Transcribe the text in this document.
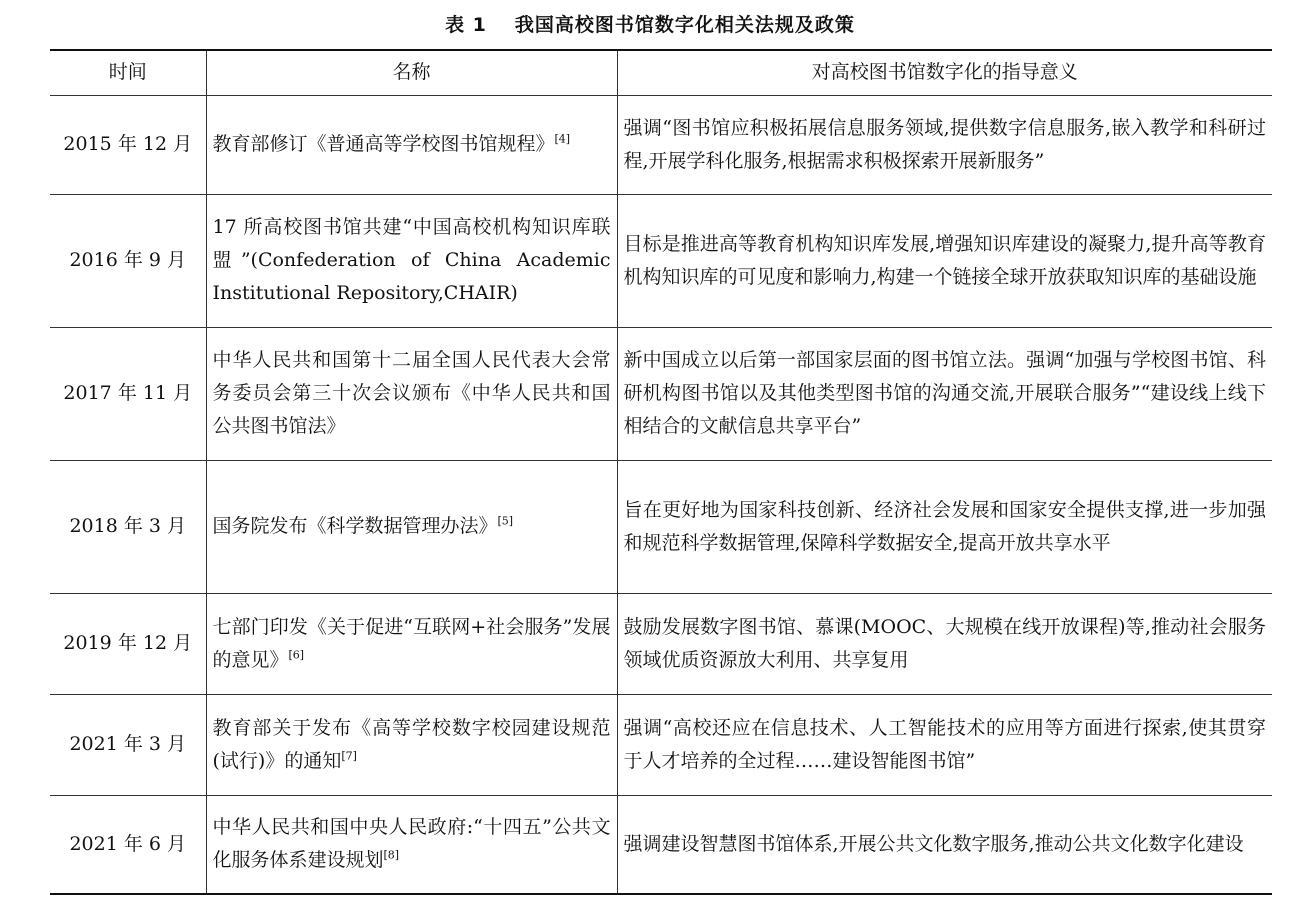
表 1 我国高校图书馆数字化相关法规及政策
时间	名称	对高校图书馆数字化的指导意义
2015 年 12 月	教育部修订《普通高等学校图书馆规程》[4]	强调“图书馆应积极拓展信息服务领域,提供数字信息服务,嵌入教学和科研过程,开展学科化服务,根据需求积极探索开展新服务”
2016 年 9 月	17 所高校图书馆共建“中国高校机构知识库联盟”(Confederation of China Academic Institutional Repository,CHAIR)	目标是推进高等教育机构知识库发展,增强知识库建设的凝聚力,提升高等教育机构知识库的可见度和影响力,构建一个链接全球开放获取知识库的基础设施
2017 年 11 月	中华人民共和国第十二届全国人民代表大会常务委员会第三十次会议颁布《中华人民共和国公共图书馆法》	新中国成立以后第一部国家层面的图书馆立法。强调“加强与学校图书馆、科研机构图书馆以及其他类型图书馆的沟通交流,开展联合服务”“建设线上线下相结合的文献信息共享平台”
2018 年 3 月	国务院发布《科学数据管理办法》[5]	旨在更好地为国家科技创新、经济社会发展和国家安全提供支撑,进一步加强和规范科学数据管理,保障科学数据安全,提高开放共享水平
2019 年 12 月	七部门印发《关于促进“互联网+社会服务”发展的意见》[6]	鼓励发展数字图书馆、慕课(MOOC、大规模在线开放课程)等,推动社会服务领域优质资源放大利用、共享复用
2021 年 3 月	教育部关于发布《高等学校数字校园建设规范(试行)》的通知[7]	强调“高校还应在信息技术、人工智能技术的应用等方面进行探索,使其贯穿于人才培养的全过程……建设智能图书馆”
2021 年 6 月	中华人民共和国中央人民政府:“十四五”公共文化服务体系建设规划[8]	强调建设智慧图书馆体系,开展公共文化数字服务,推动公共文化数字化建设
